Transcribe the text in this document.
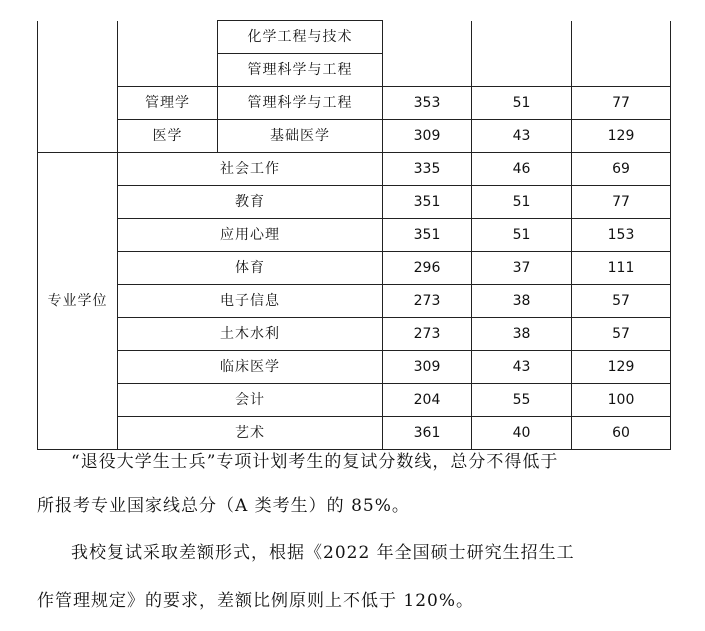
		化学工程与技术			
		管理科学与工程			
	管理学	管理科学与工程	353	51	77
	医学	基础医学	309	43	129
专业学位	社会工作		335	46	69
	教育		351	51	77
	应用心理		351	51	153
	体育		296	37	111
	电子信息		273	38	57
	土木水利		273	38	57
	临床医学		309	43	129
	会计		204	55	100
	艺术		361	40	60

“退役大学生士兵”专项计划考生的复试分数线，总分不得低于

所报考专业国家线总分（A 类考生）的 85%。

我校复试采取差额形式，根据《2022 年全国硕士研究生招生工

作管理规定》的要求，差额比例原则上不低于 120%。
